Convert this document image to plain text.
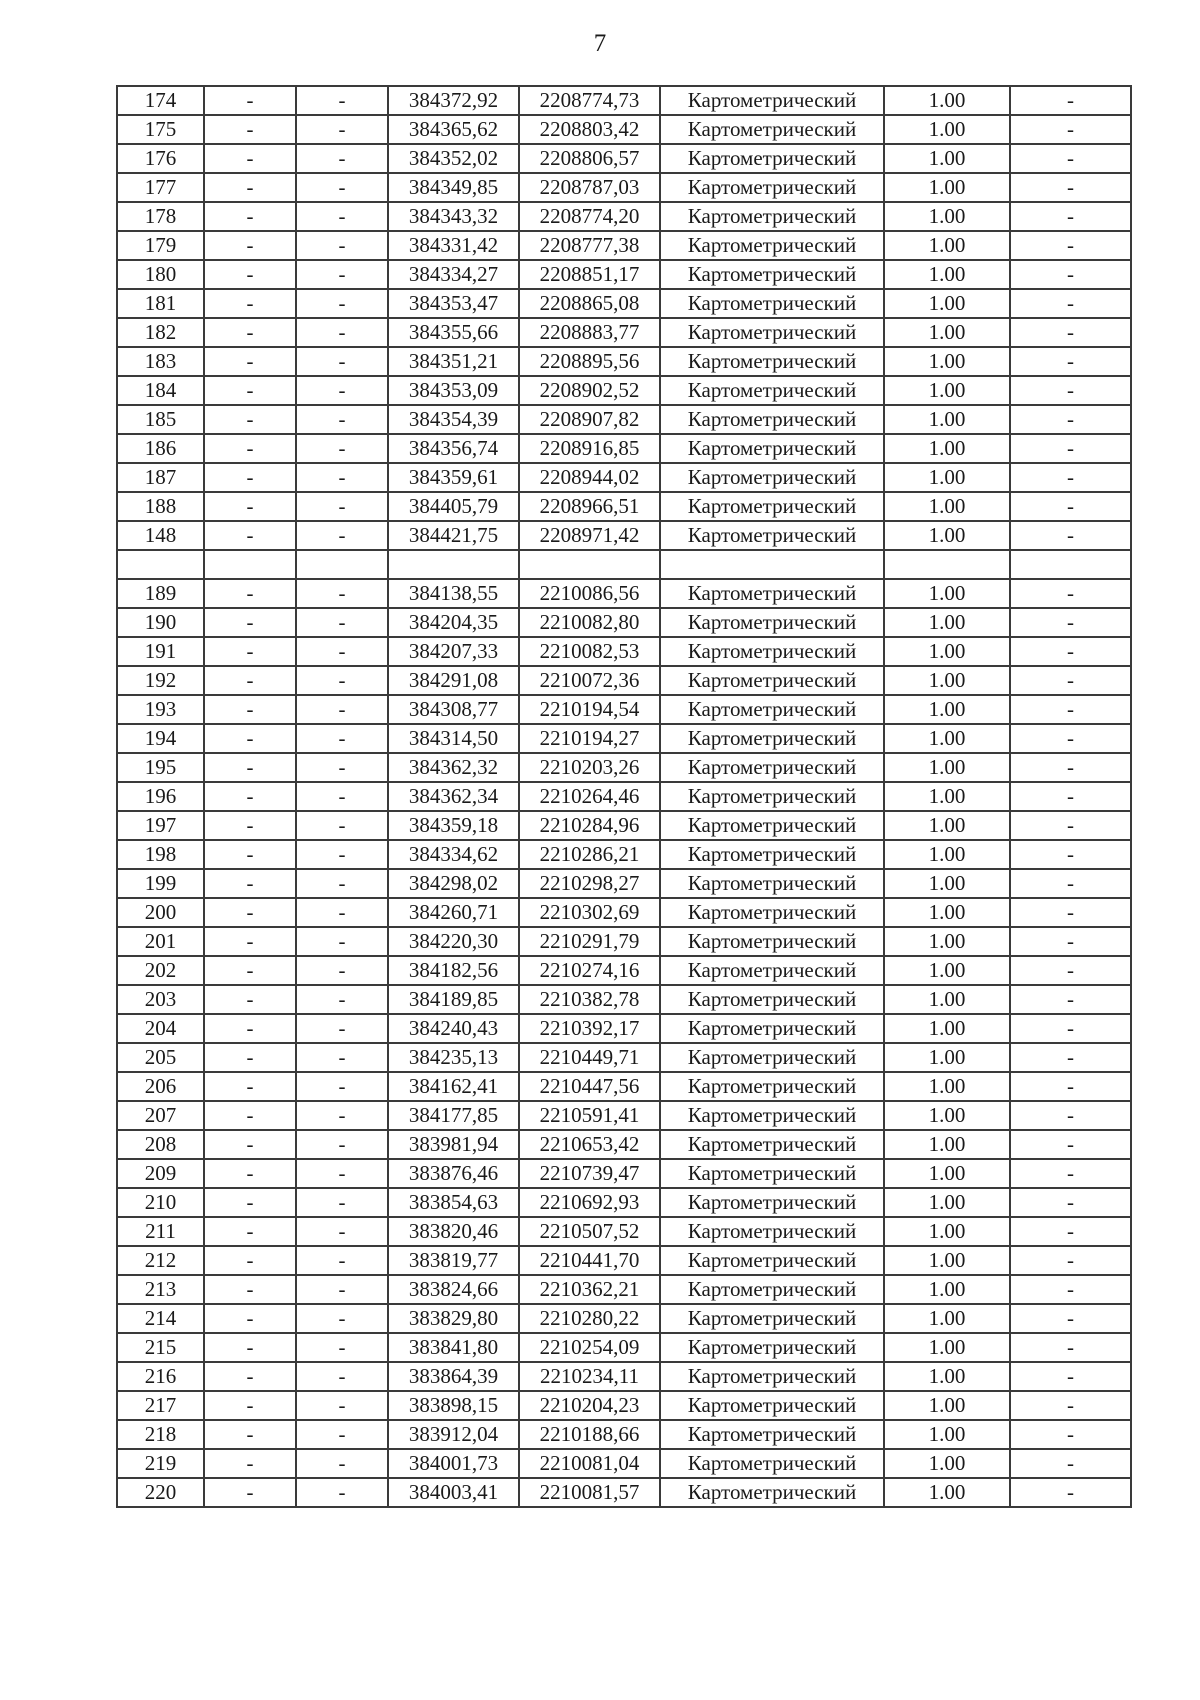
7
174	-	-	384372,92	2208774,73	Картометрический	1.00	-
175	-	-	384365,62	2208803,42	Картометрический	1.00	-
176	-	-	384352,02	2208806,57	Картометрический	1.00	-
177	-	-	384349,85	2208787,03	Картометрический	1.00	-
178	-	-	384343,32	2208774,20	Картометрический	1.00	-
179	-	-	384331,42	2208777,38	Картометрический	1.00	-
180	-	-	384334,27	2208851,17	Картометрический	1.00	-
181	-	-	384353,47	2208865,08	Картометрический	1.00	-
182	-	-	384355,66	2208883,77	Картометрический	1.00	-
183	-	-	384351,21	2208895,56	Картометрический	1.00	-
184	-	-	384353,09	2208902,52	Картометрический	1.00	-
185	-	-	384354,39	2208907,82	Картометрический	1.00	-
186	-	-	384356,74	2208916,85	Картометрический	1.00	-
187	-	-	384359,61	2208944,02	Картометрический	1.00	-
188	-	-	384405,79	2208966,51	Картометрический	1.00	-
148	-	-	384421,75	2208971,42	Картометрический	1.00	-

189	-	-	384138,55	2210086,56	Картометрический	1.00	-
190	-	-	384204,35	2210082,80	Картометрический	1.00	-
191	-	-	384207,33	2210082,53	Картометрический	1.00	-
192	-	-	384291,08	2210072,36	Картометрический	1.00	-
193	-	-	384308,77	2210194,54	Картометрический	1.00	-
194	-	-	384314,50	2210194,27	Картометрический	1.00	-
195	-	-	384362,32	2210203,26	Картометрический	1.00	-
196	-	-	384362,34	2210264,46	Картометрический	1.00	-
197	-	-	384359,18	2210284,96	Картометрический	1.00	-
198	-	-	384334,62	2210286,21	Картометрический	1.00	-
199	-	-	384298,02	2210298,27	Картометрический	1.00	-
200	-	-	384260,71	2210302,69	Картометрический	1.00	-
201	-	-	384220,30	2210291,79	Картометрический	1.00	-
202	-	-	384182,56	2210274,16	Картометрический	1.00	-
203	-	-	384189,85	2210382,78	Картометрический	1.00	-
204	-	-	384240,43	2210392,17	Картометрический	1.00	-
205	-	-	384235,13	2210449,71	Картометрический	1.00	-
206	-	-	384162,41	2210447,56	Картометрический	1.00	-
207	-	-	384177,85	2210591,41	Картометрический	1.00	-
208	-	-	383981,94	2210653,42	Картометрический	1.00	-
209	-	-	383876,46	2210739,47	Картометрический	1.00	-
210	-	-	383854,63	2210692,93	Картометрический	1.00	-
211	-	-	383820,46	2210507,52	Картометрический	1.00	-
212	-	-	383819,77	2210441,70	Картометрический	1.00	-
213	-	-	383824,66	2210362,21	Картометрический	1.00	-
214	-	-	383829,80	2210280,22	Картометрический	1.00	-
215	-	-	383841,80	2210254,09	Картометрический	1.00	-
216	-	-	383864,39	2210234,11	Картометрический	1.00	-
217	-	-	383898,15	2210204,23	Картометрический	1.00	-
218	-	-	383912,04	2210188,66	Картометрический	1.00	-
219	-	-	384001,73	2210081,04	Картометрический	1.00	-
220	-	-	384003,41	2210081,57	Картометрический	1.00	-
